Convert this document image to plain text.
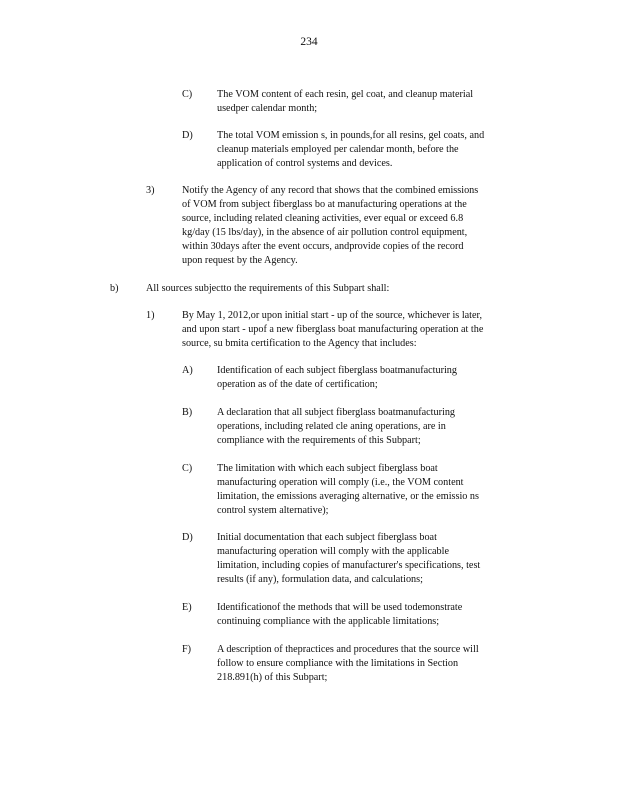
234
C) The VOM content of each resin, gel coat, and cleanup material
usedper calendar month;
D) The total VOM emission s, in pounds,for all resins, gel coats, and
cleanup materials employed per calendar month, before the
application of control systems and devices.
3)	Notify the Agency of any record that shows that the combined emissions
of VOM from subject fiberglass bo at manufacturing operations at the
source, including related cleaning activities, ever equal or exceed 6.8
kg/day (15 lbs/day), in the absence of air pollution control equipment,
within 30days after the event occurs, andprovide copies of the record
upon request by the Agency.
b)	All sources subjectto the requirements of this Subpart shall:
1)	By May 1, 2012,or upon initial start - up of the source, whichever is later,
and upon start - upof a new fiberglass boat manufacturing operation at the
source, su bmita certification to the Agency that includes:
A) Identification of each subject fiberglass boatmanufacturing
operation as of the date of certification;
B) A declaration that all subject fiberglass boatmanufacturing
operations, including related cle aning operations, are in
compliance with the requirements of this Subpart;
C) The limitation with which each subject fiberglass boat
manufacturing operation will comply (i.e., the VOM content
limitation, the emissions averaging alternative, or the emissio ns
control system alternative);
D) Initial documentation that each subject fiberglass boat
manufacturing operation will comply with the applicable
limitation, including copies of manufacturer's specifications, test
results (if any), formulation data, and calculations;
E) Identificationof the methods that will be used todemonstrate
continuing compliance with the applicable limitations;
F)	A description of thepractices and procedures that the source will
follow to ensure compliance with the limitations in Section
218.891(h) of this Subpart;
